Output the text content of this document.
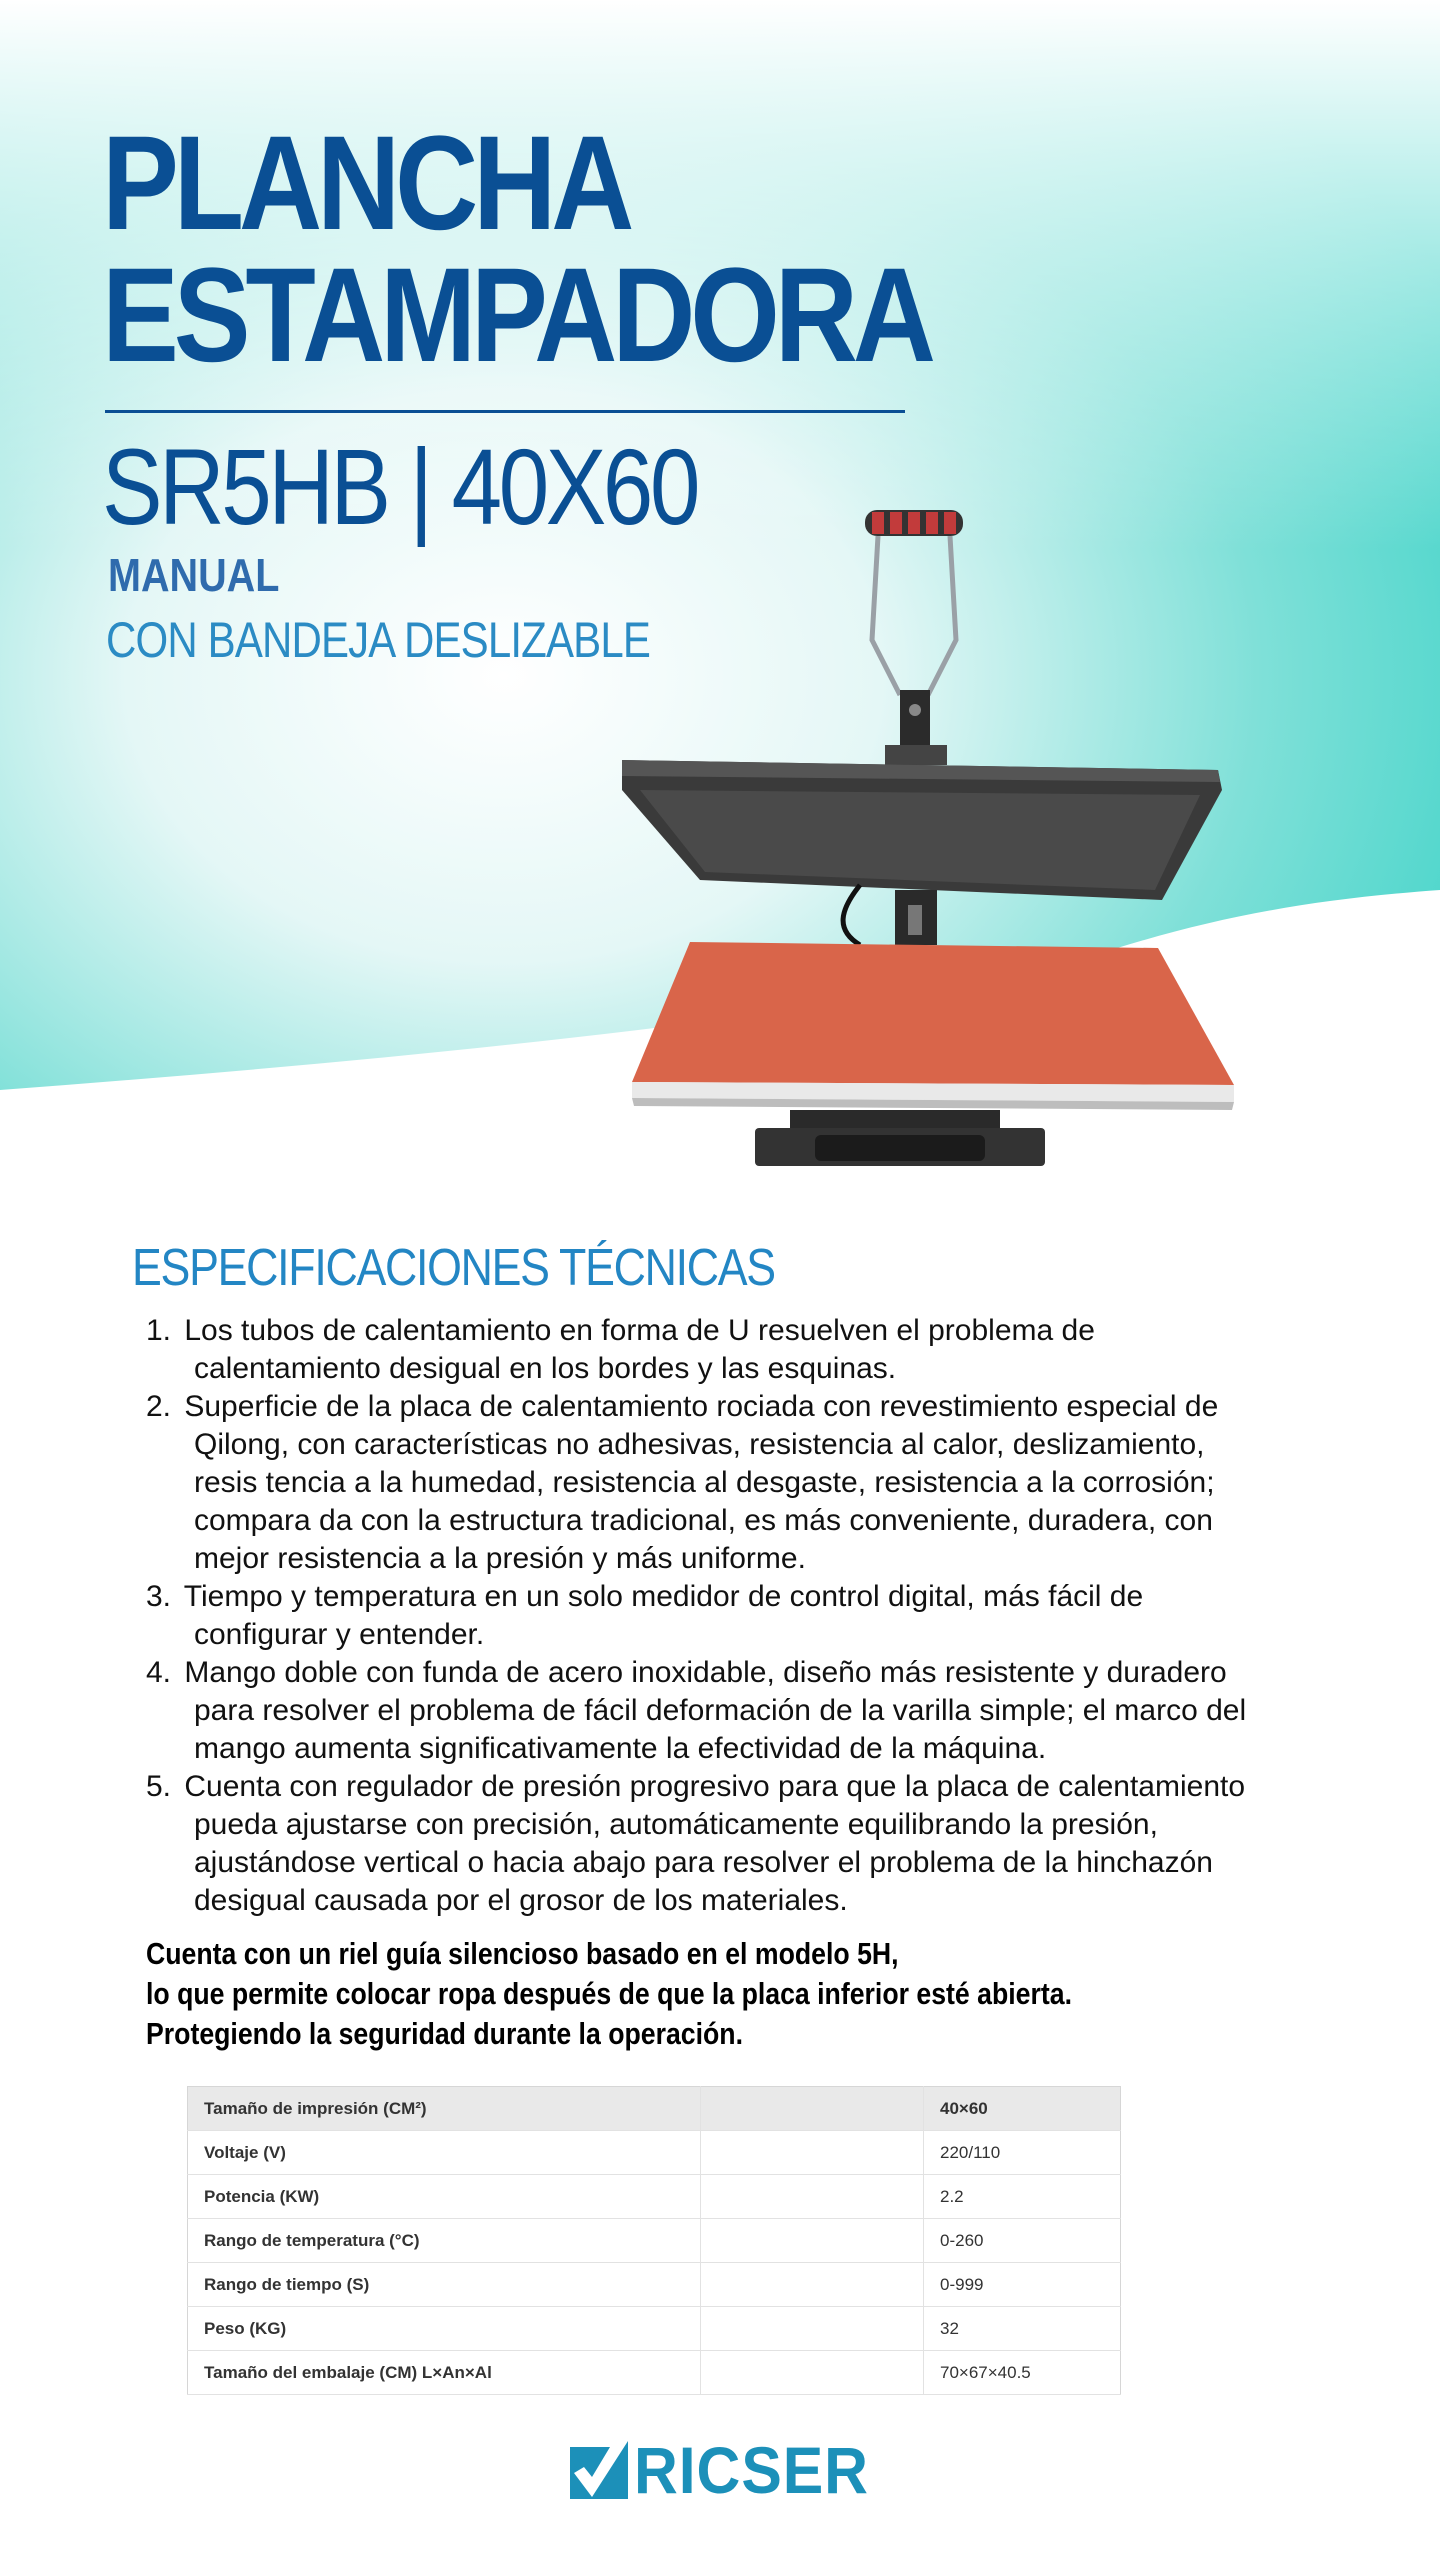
PLANCHA
ESTAMPADORA
SR5HB | 40X60
MANUAL
CON BANDEJA DESLIZABLE
ESPECIFICACIONES TÉCNICAS
1. Los tubos de calentamiento en forma de U resuelven el problema de calentamiento desigual en los bordes y las esquinas.
2. Superficie de la placa de calentamiento rociada con revestimiento especial de Qilong, con características no adhesivas, resistencia al calor, deslizamiento, resis tencia a la humedad, resistencia al desgaste, resistencia a la corrosión; compara da con la estructura tradicional, es más conveniente, duradera, con mejor resistencia a la presión y más uniforme.
3. Tiempo y temperatura en un solo medidor de control digital, más fácil de configurar y entender.
4. Mango doble con funda de acero inoxidable, diseño más resistente y duradero para resolver el problema de fácil deformación de la varilla simple; el marco del mango aumenta significativamente la efectividad de la máquina.
5. Cuenta con regulador de presión progresivo para que la placa de calentamiento pueda ajustarse con precisión, automáticamente equilibrando la presión, ajustándose vertical o hacia abajo para resolver el problema de la hinchazón desigual causada por el grosor de los materiales.
Cuenta con un riel guía silencioso basado en el modelo 5H,
lo que permite colocar ropa después de que la placa inferior esté abierta.
Protegiendo la seguridad durante la operación.
Tamaño de impresión (CM²)		40×60
Voltaje (V)		220/110
Potencia (KW)		2.2
Rango de temperatura (°C)		0-260
Rango de tiempo (S)		0-999
Peso (KG)		32
Tamaño del embalaje (CM) L×An×Al		70×67×40.5
RICSER
